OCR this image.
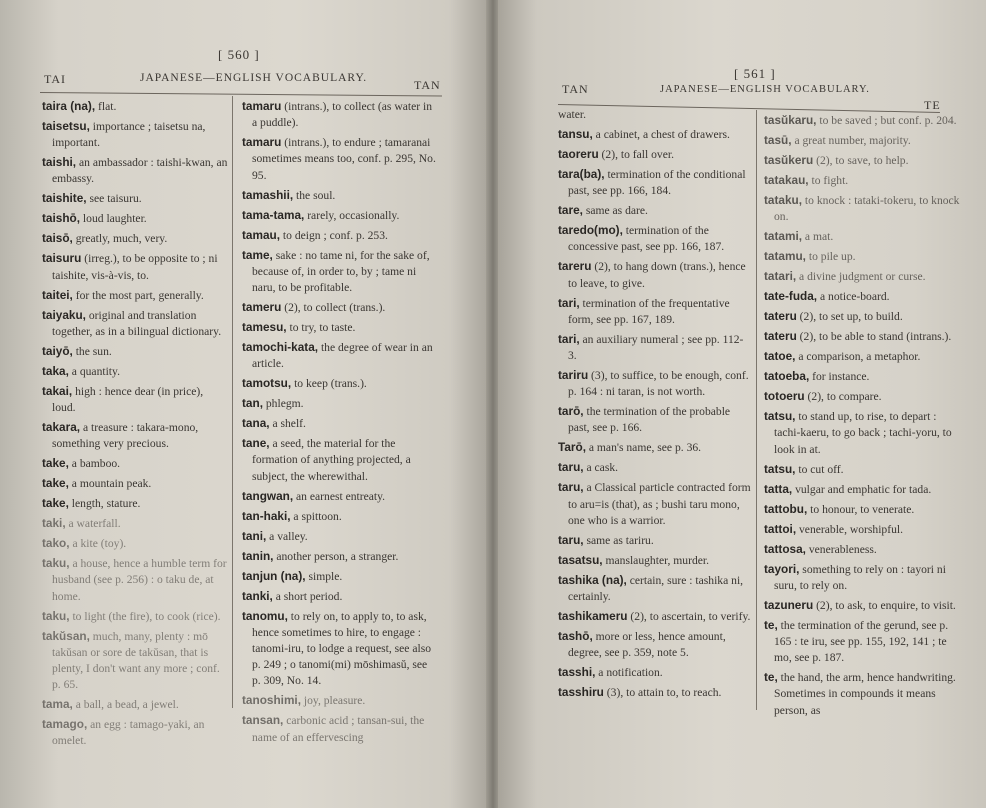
[ 560 ]
TAI	JAPANESE—ENGLISH VOCABULARY.	TAN
taira (na), flat.
taisetsu, importance ; taisetsu na, important.
taishi, an ambassador : taishi-kwan, an embassy.
taishite, see taisuru.
taishō, loud laughter.
taisō, greatly, much, very.
taisuru (irreg.), to be opposite to ; ni taishite, vis-à-vis, to.
taitei, for the most part, generally.
taiyaku, original and translation together, as in a bilingual dictionary.
taiyō, the sun.
taka, a quantity.
takai, high : hence dear (in price), loud.
takara, a treasure : takara-mono, something very precious.
take, a bamboo.
take, a mountain peak.
take, length, stature.
taki, a waterfall.
tako, a kite (toy).
taku, a house, hence a humble term for husband (see p. 256) : o taku de, at home.
taku, to light (the fire), to cook (rice).
takŭsan, much, many, plenty : mō takŭsan or sore de takŭsan, that is plenty, I don't want any more ; conf. p. 65.
tama, a ball, a bead, a jewel.
tamago, an egg : tamago-yaki, an omelet.
tamaru (intrans.), to collect (as water in a puddle).
tamaru (intrans.), to endure ; tamaranai sometimes means too, conf. p. 295, No. 95.
tamashii, the soul.
tama-tama, rarely, occasionally.
tamau, to deign ; conf. p. 253.
tame, sake : no tame ni, for the sake of, because of, in order to, by ; tame ni naru, to be profitable.
tameru (2), to collect (trans.).
tamesu, to try, to taste.
tamochi-kata, the degree of wear in an article.
tamotsu, to keep (trans.).
tan, phlegm.
tana, a shelf.
tane, a seed, the material for the formation of anything projected, a subject, the wherewithal.
tangwan, an earnest entreaty.
tan-haki, a spittoon.
tani, a valley.
tanin, another person, a stranger.
tanjun (na), simple.
tanki, a short period.
tanomu, to rely on, to apply to, to ask, hence sometimes to hire, to engage : tanomi-iru, to lodge a request, see also p. 249 ; o tanomi(mi) mōshimasŭ, see p. 309, No. 14.
tanoshimi, joy, pleasure.
tansan, carbonic acid ; tansan-sui, the name of an effervescing
[ 561 ]
TAN	JAPANESE—ENGLISH VOCABULARY.
TE
water.
tansu, a cabinet, a chest of drawers.
taoreru (2), to fall over.
tara(ba), termination of the conditional past, see pp. 166, 184.
tare, same as dare.
taredo(mo), termination of the concessive past, see pp. 166, 187.
tareru (2), to hang down (trans.), hence to leave, to give.
tari, termination of the frequentative form, see pp. 167, 189.
tari, an auxiliary numeral ; see pp. 112-3.
tariru (3), to suffice, to be enough, conf. p. 164 : ni taran, is not worth.
tarō, the termination of the probable past, see p. 166.
Tarō, a man's name, see p. 36.
taru, a cask.
taru, a Classical particle contracted form to aru=is (that), as ; bushi taru mono, one who is a warrior.
taru, same as tariru.
tasatsu, manslaughter, murder.
tashika (na), certain, sure : tashika ni, certainly.
tashikameru (2), to ascertain, to verify.
tashō, more or less, hence amount, degree, see p. 359, note 5.
tasshi, a notification.
tasshiru (3), to attain to, to reach.
tasŭkaru, to be saved ; but conf. p. 204.
tasū, a great number, majority.
tasŭkeru (2), to save, to help.
tatakau, to fight.
tataku, to knock : tataki-tokeru, to knock on.
tatami, a mat.
tatamu, to pile up.
tatari, a divine judgment or curse.
tate-fuda, a notice-board.
tateru (2), to set up, to build.
tateru (2), to be able to stand (intrans.).
tatoe, a comparison, a metaphor.
tatoeba, for instance.
totoeru (2), to compare.
tatsu, to stand up, to rise, to depart : tachi-kaeru, to go back ; tachi-yoru, to look in at.
tatsu, to cut off.
tatta, vulgar and emphatic for tada.
tattobu, to honour, to venerate.
tattoi, venerable, worshipful.
tattosa, venerableness.
tayori, something to rely on : tayori ni suru, to rely on.
tazuneru (2), to ask, to enquire, to visit.
te, the termination of the gerund, see p. 165 : te iru, see pp. 155, 192, 141 ; te mo, see p. 187.
te, the hand, the arm, hence handwriting. Sometimes in compounds it means person, as
